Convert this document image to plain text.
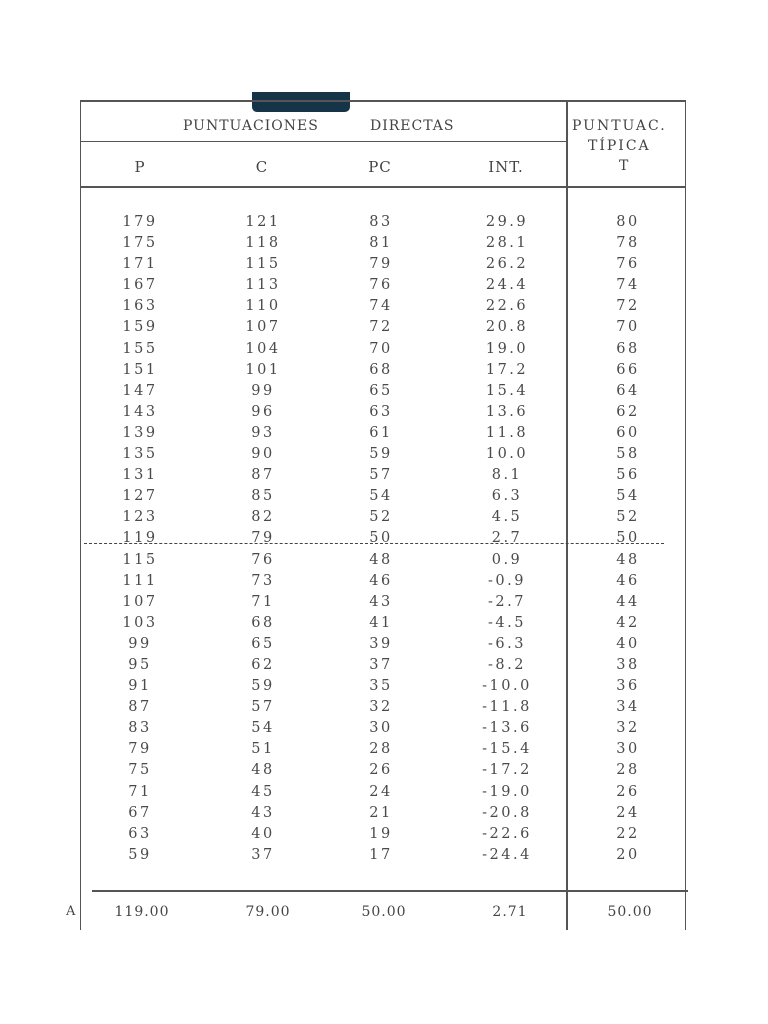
PUNTUACIONES	DIRECTAS	PUNTUAC.
TÍPICA
T
P	C	PC	INT.
179	121	83	29.9	80
175	118	81	28.1	78
171	115	79	26.2	76
167	113	76	24.4	74
163	110	74	22.6	72
159	107	72	20.8	70
155	104	70	19.0	68
151	101	68	17.2	66
147	99	65	15.4	64
143	96	63	13.6	62
139	93	61	11.8	60
135	90	59	10.0	58
131	87	57	8.1	56
127	85	54	6.3	54
123	82	52	4.5	52
119	79	50	2.7	50
115	76	48	0.9	48
111	73	46	-0.9	46
107	71	43	-2.7	44
103	68	41	-4.5	42
99	65	39	-6.3	40
95	62	37	-8.2	38
91	59	35	-10.0	36
87	57	32	-11.8	34
83	54	30	-13.6	32
79	51	28	-15.4	30
75	48	26	-17.2	28
71	45	24	-19.0	26
67	43	21	-20.8	24
63	40	19	-22.6	22
59	37	17	-24.4	20
A	119.00	79.00	50.00	2.71	50.00
